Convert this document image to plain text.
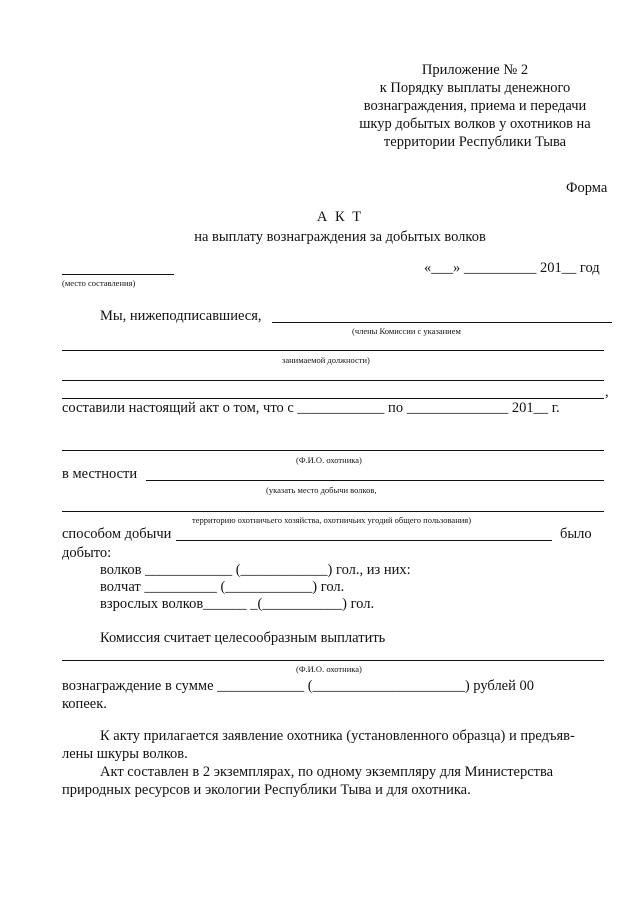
Приложение № 2
к Порядку выплаты денежного
вознаграждения, приема и передачи
шкур добытых волков у охотников на
территории Республики Тыва
Форма
А К Т
на выплату вознаграждения за добытых волков
(место составления)
«___» __________ 201__ год
Мы, нижеподписавшиеся,
(члены Комиссии с указанием
занимаемой должности)
,
составили настоящий акт о том, что с ____________ по ______________ 201__ г.
(Ф.И.О. охотника)
в местности
(указать место добычи волков,
территорию охотничьего хозяйства, охотничьих угодий общего пользования)
способом добычи	было
добыто:
волков ____________ (____________) гол., из них:
волчат __________ (____________) гол.
взрослых волков______ _(___________) гол.
Комиссия считает целесообразным выплатить
(Ф.И.О. охотника)
вознаграждение в сумме ____________ (_____________________) рублей 00
копеек.
К акту прилагается заявление охотника (установленного образца) и предъяв-
лены шкуры волков.
Акт составлен в 2 экземплярах, по одному экземпляру для Министерства
природных ресурсов и экологии Республики Тыва и для охотника.
